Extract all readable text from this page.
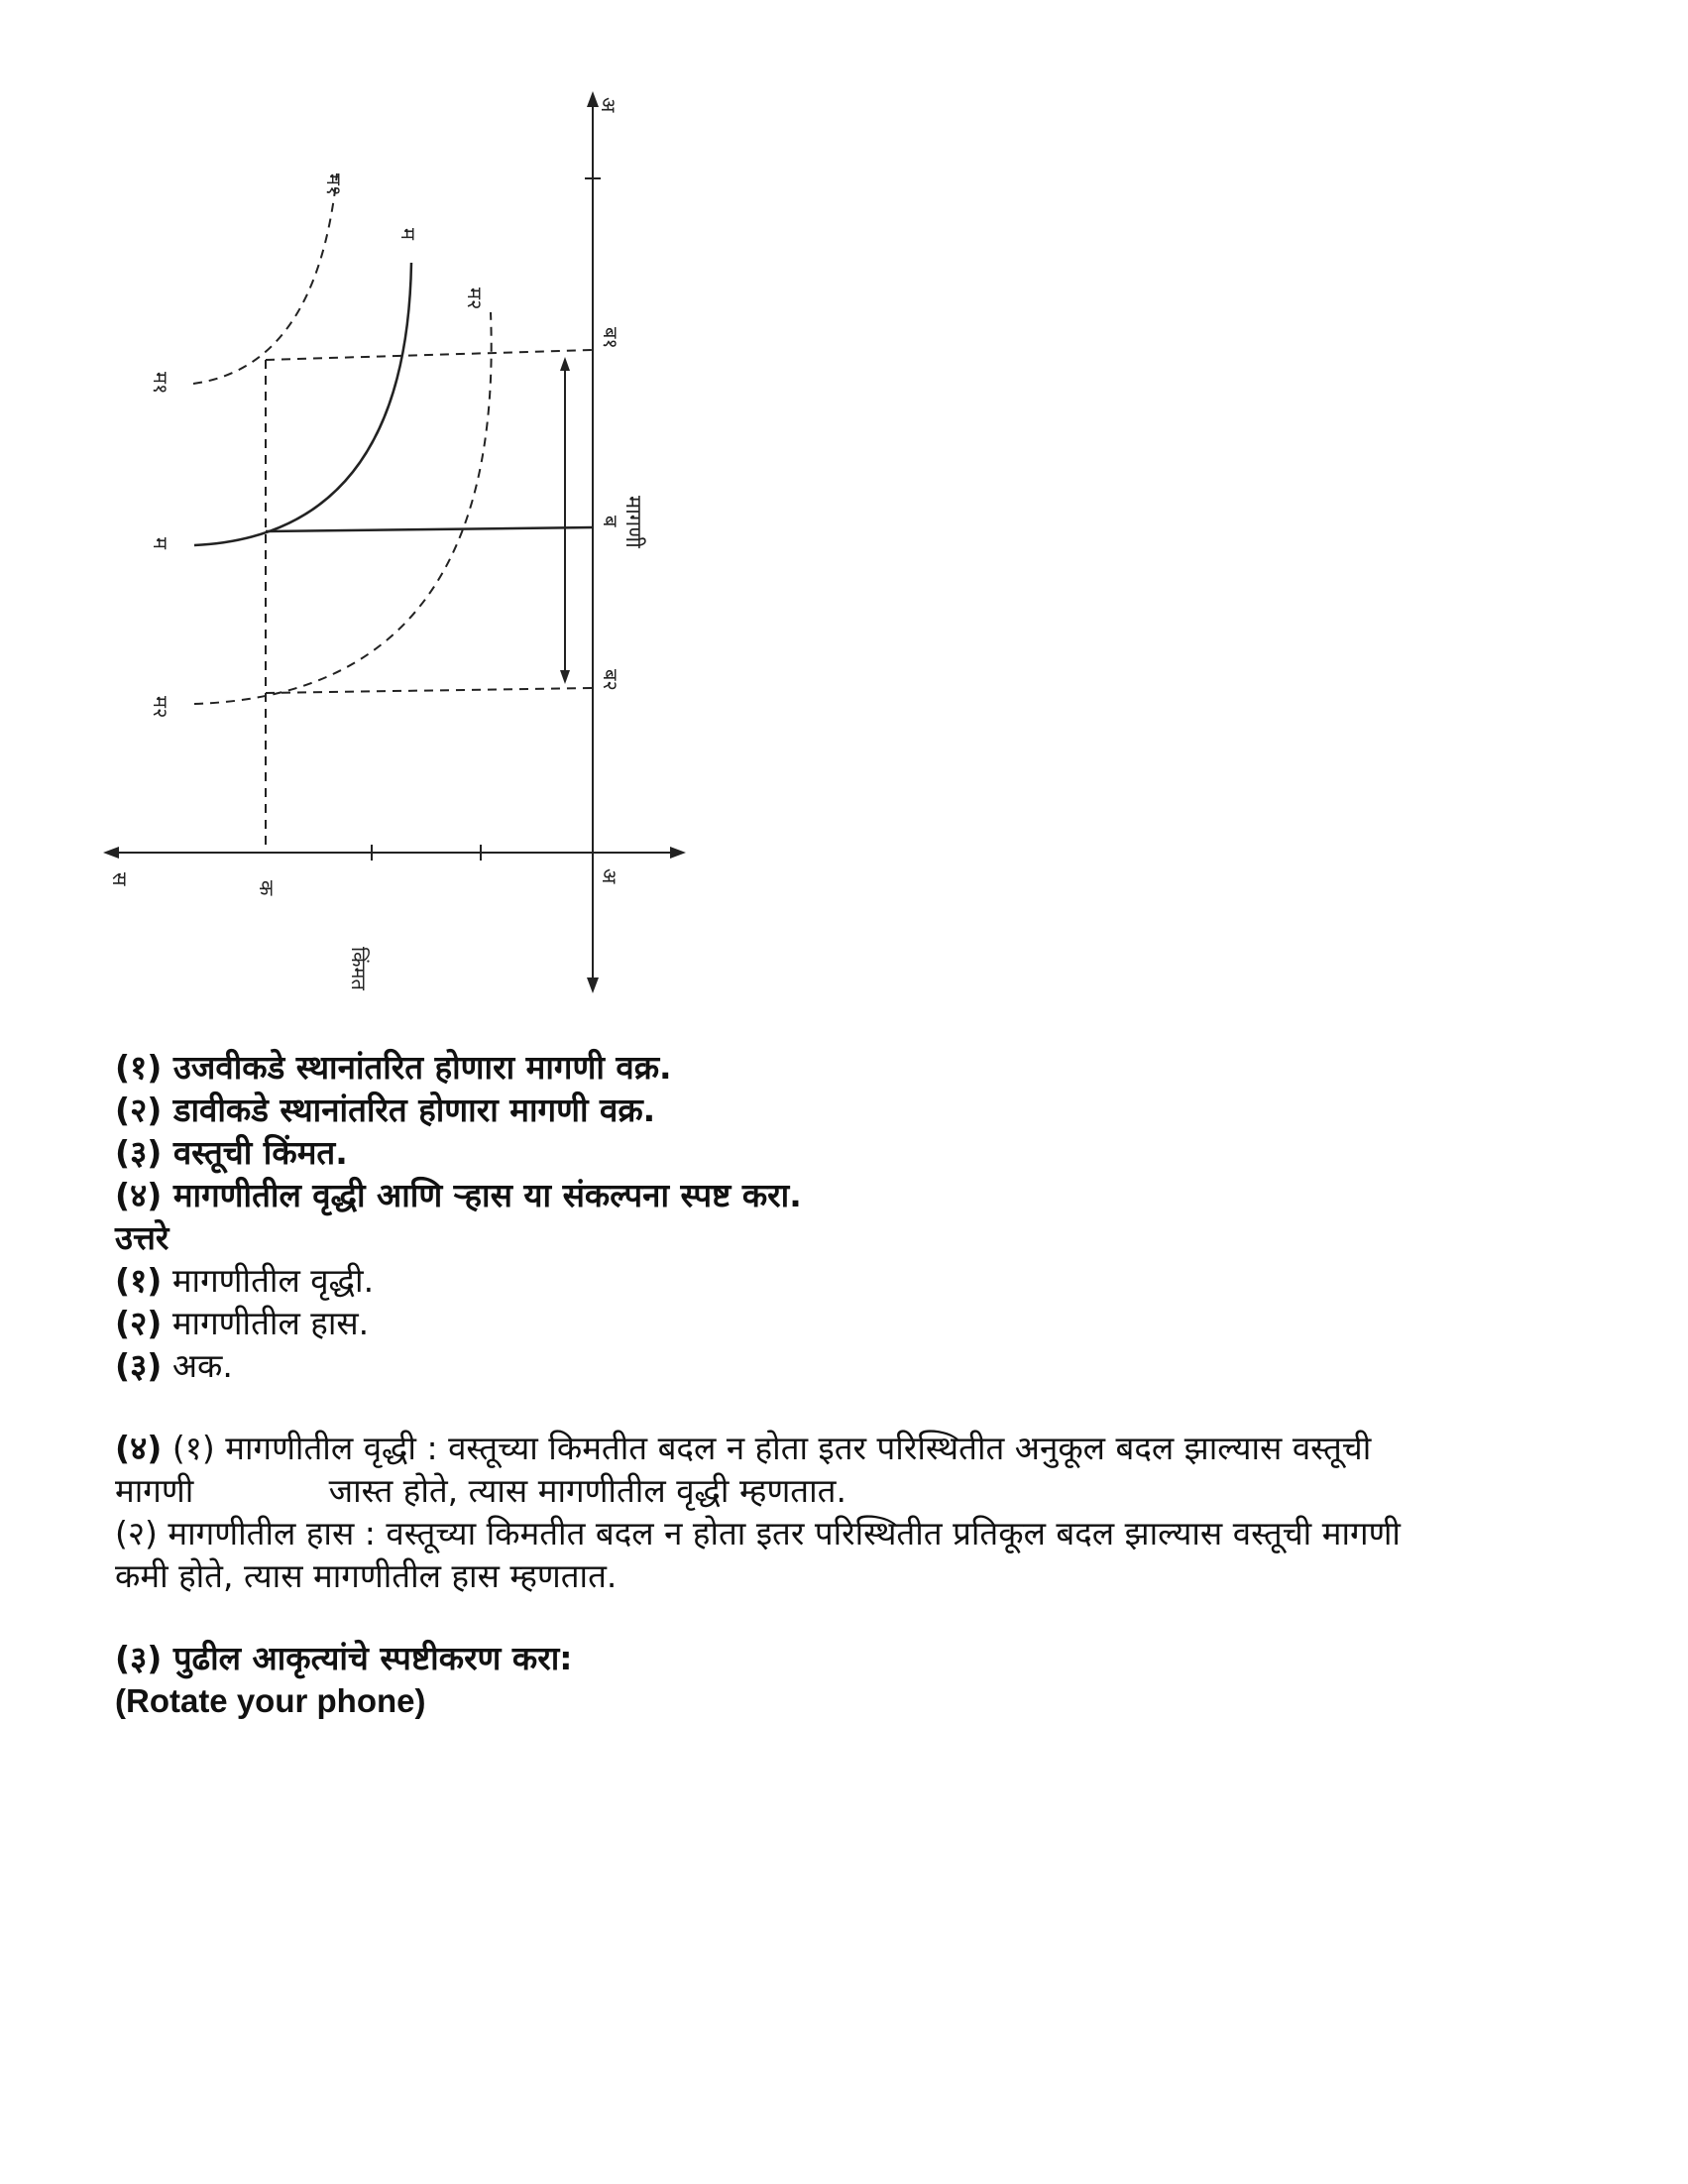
म१
म
म२
म१
म
म२
अ
ब१
ब
ब२
मागणी
स
क
अ
किंमत
(१) उजवीकडे स्थानांतरित होणारा मागणी वक्र.
(२) डावीकडे स्थानांतरित होणारा मागणी वक्र.
(३) वस्तूची किंमत.
(४) मागणीतील वृद्धी आणि ऱ्हास या संकल्पना स्पष्ट करा.
उत्तरे
(१) मागणीतील वृद्धी.
(२) मागणीतील हास.
(३) अक.
(४) (१) मागणीतील वृद्धी : वस्तूच्या किमतीत बदल न होता इतर परिस्थितीत अनुकूल बदल झाल्यास वस्तूची
मागणी             जास्त होते, त्यास मागणीतील वृद्धी म्हणतात.
(२) मागणीतील हास : वस्तूच्या किमतीत बदल न होता इतर परिस्थितीत प्रतिकूल बदल झाल्यास वस्तूची मागणी
कमी होते, त्यास मागणीतील हास म्हणतात.
(३) पुढील आकृत्यांचे स्पष्टीकरण करा:
(Rotate your phone)
